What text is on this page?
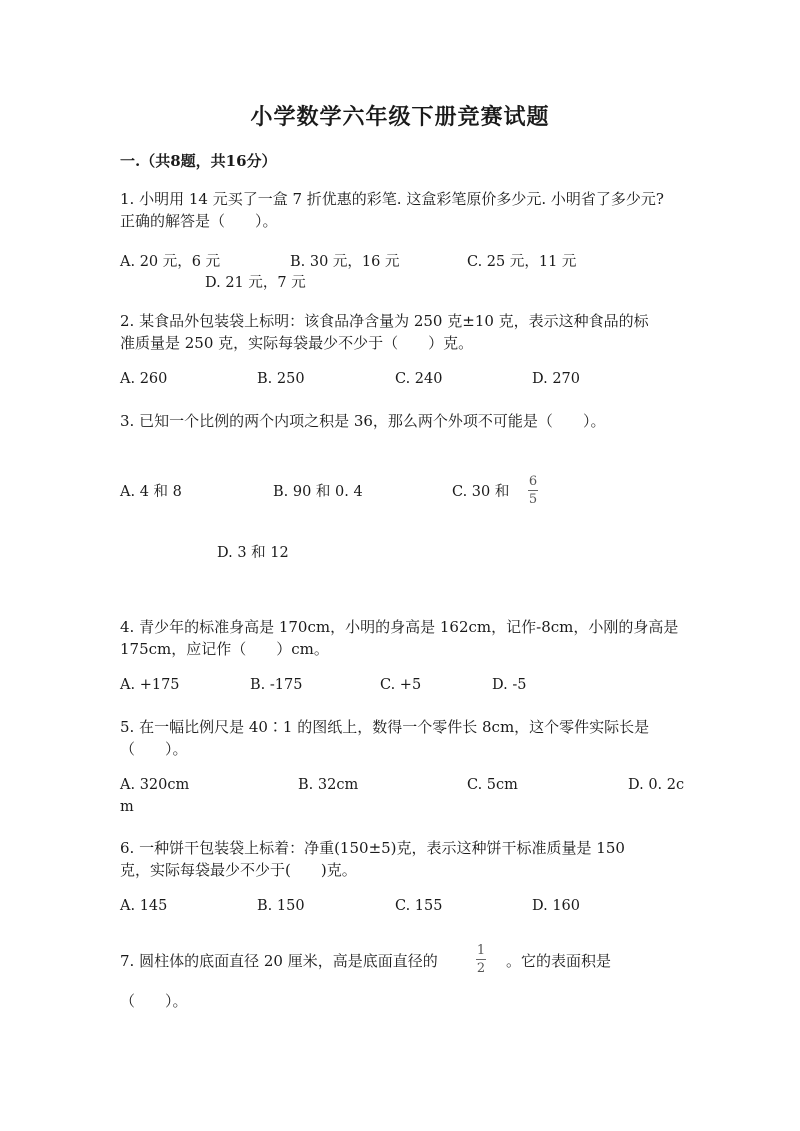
小学数学六年级下册竞赛试题
一.（共8题，共16分）
1. 小明用 14 元买了一盒 7 折优惠的彩笔. 这盒彩笔原价多少元. 小明省了多少元?
正确的解答是（　　）。
A. 20 元，6 元	B. 30 元，16 元	C. 25 元，11 元
D. 21 元，7 元
2. 某食品外包装袋上标明：该食品净含量为 250 克±10 克，表示这种食品的标
准质量是 250 克，实际每袋最少不少于（　　）克。
A. 260	B. 250	C. 240	D. 270
3. 已知一个比例的两个内项之积是 36，那么两个外项不可能是（　　）。
A. 4 和 8	B. 90 和 0. 4	C. 30 和
6
5
D. 3 和 12
4. 青少年的标准身高是 170cm，小明的身高是 162cm，记作-8cm，小刚的身高是
175cm，应记作（　　）cm。
A. +175	B. -175	C. +5	D. -5
5. 在一幅比例尺是 40∶1 的图纸上，数得一个零件长 8cm，这个零件实际长是
（　　）。
A. 320cm	B. 32cm	C. 5cm	D. 0. 2c
m
6. 一种饼干包装袋上标着：净重(150±5)克，表示这种饼干标准质量是 150
克，实际每袋最少不少于(　　)克。
A. 145	B. 150	C. 155	D. 160
7. 圆柱体的底面直径 20 厘米，高是底面直径的
1
2 。它的表面积是
（　　）。
